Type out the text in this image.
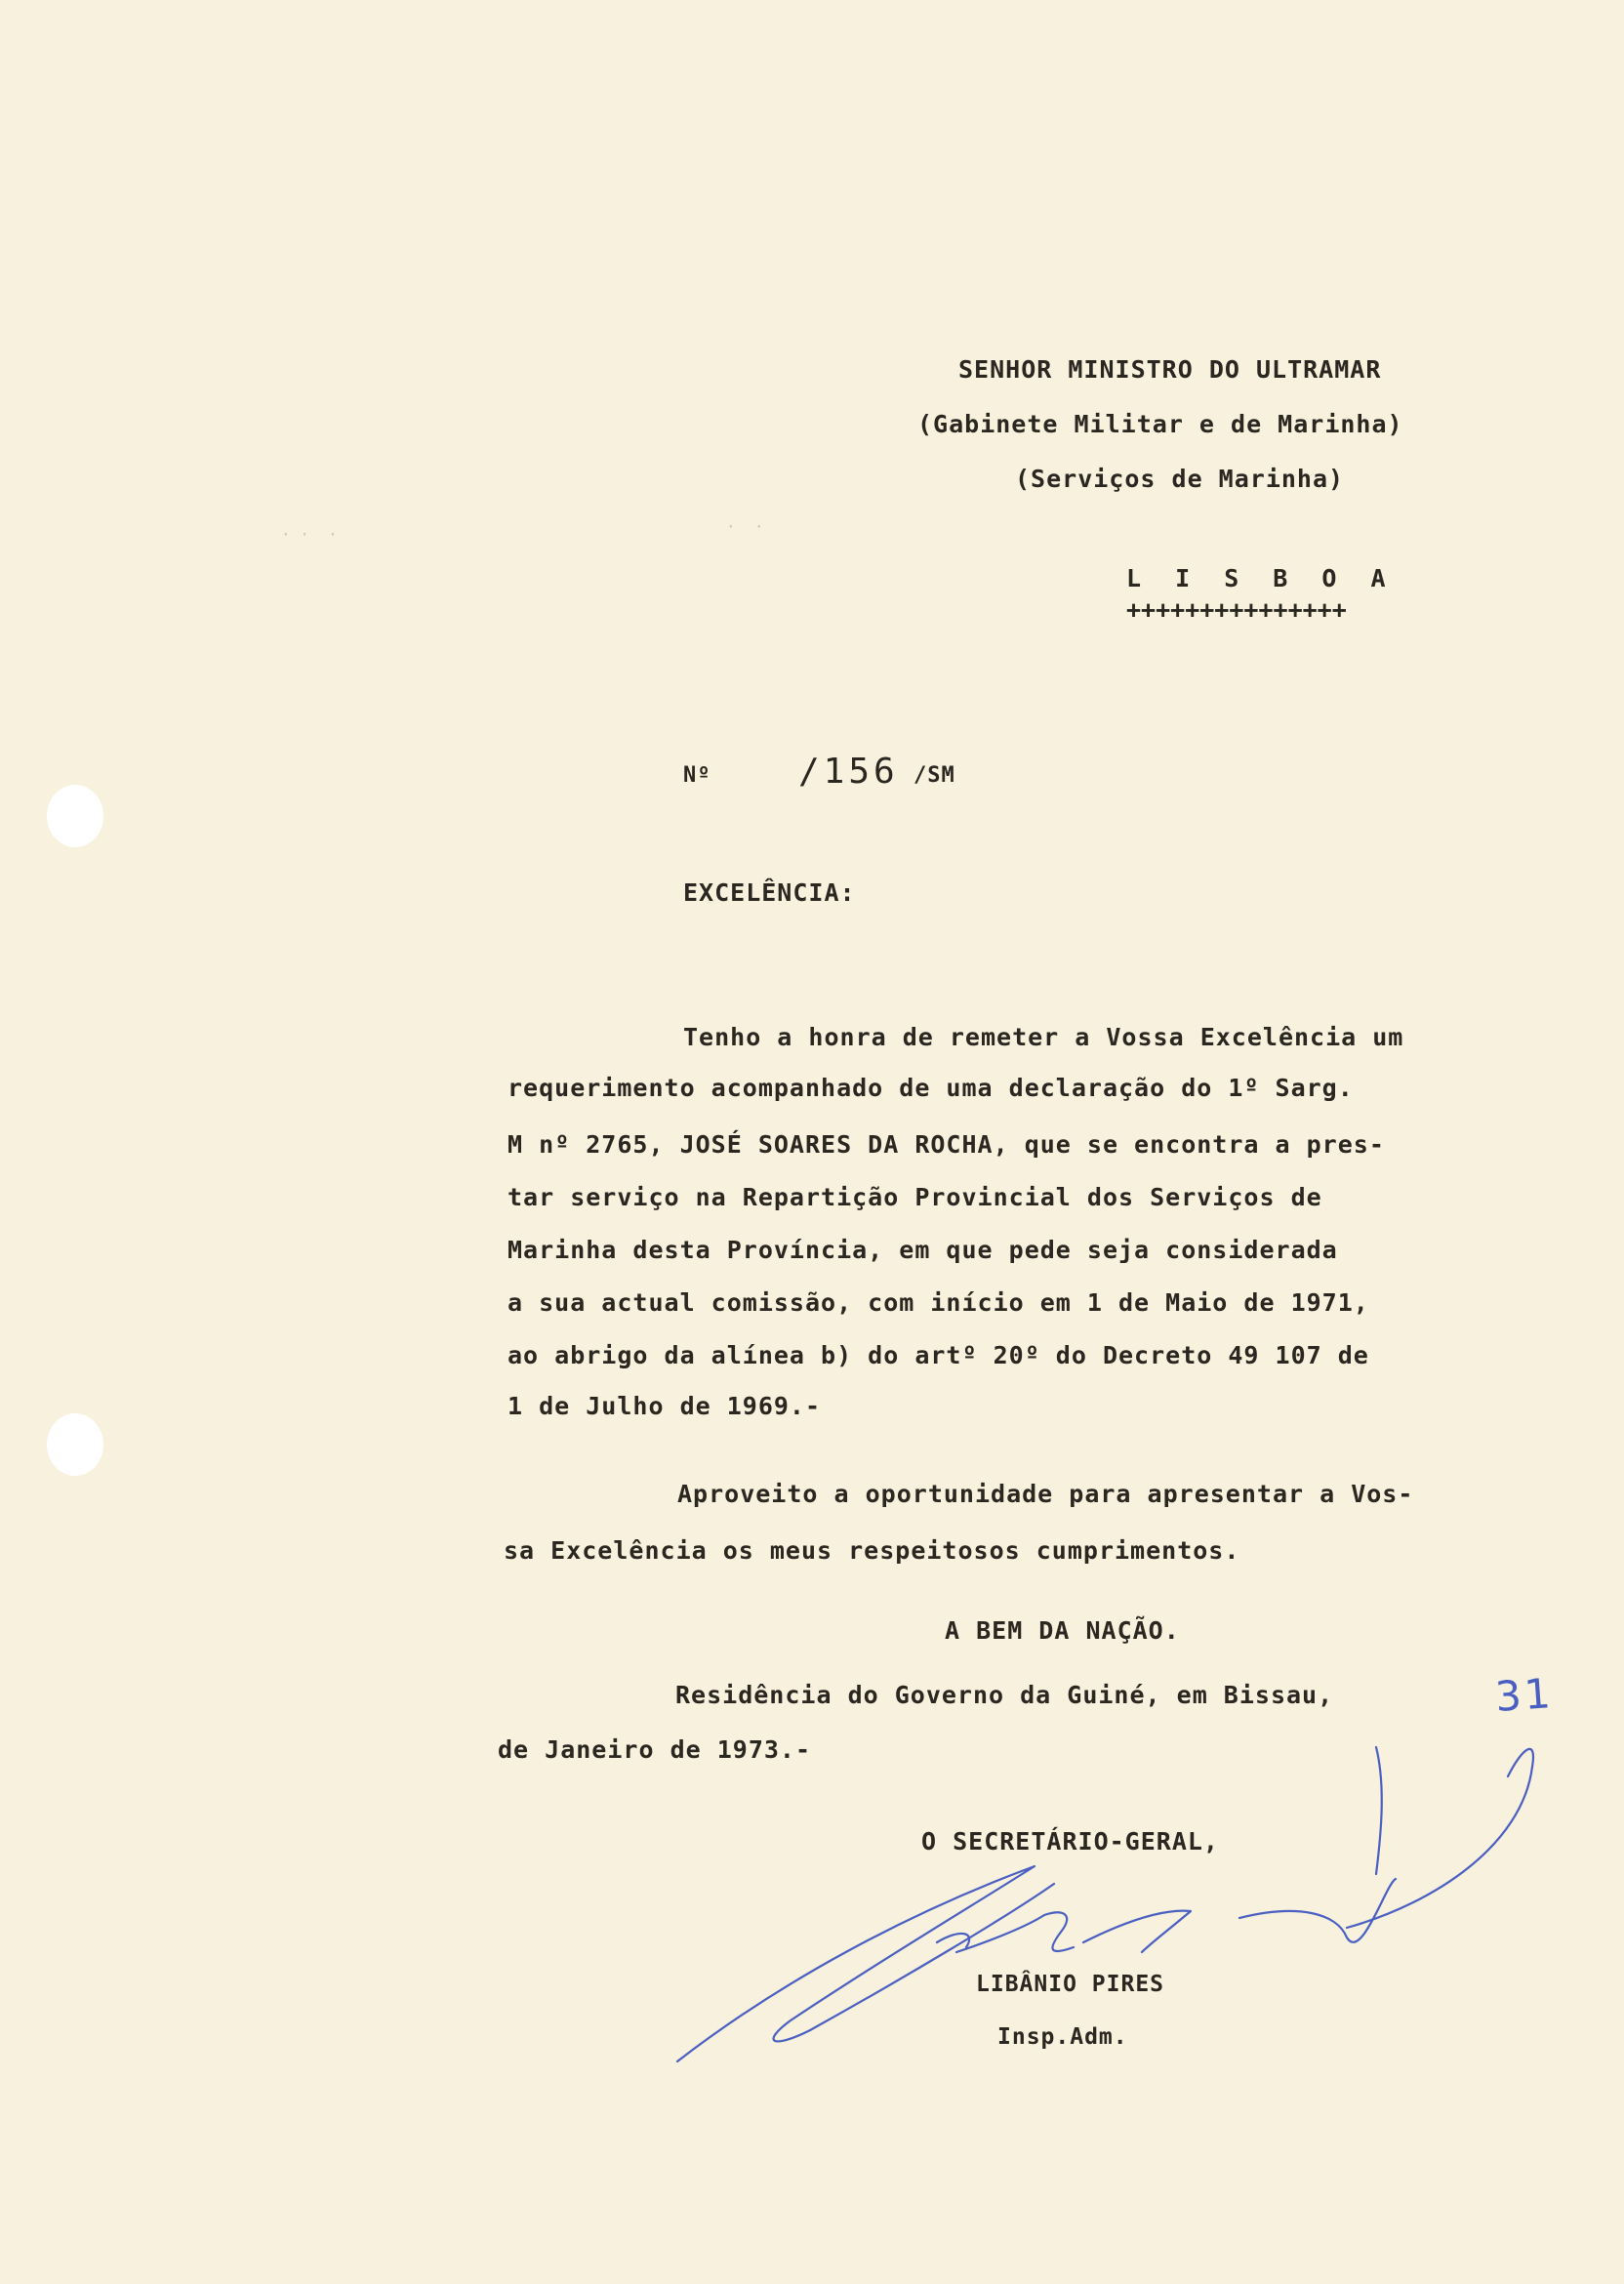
· ·  ·	·  ·
SENHOR MINISTRO DO ULTRAMAR
(Gabinete Militar e de Marinha)
(Serviços de Marinha)
L I S B O A
+++++++++++++++
Nº /156 /SM
EXCELÊNCIA:
Tenho a honra de remeter a Vossa Excelência um
requerimento acompanhado de uma declaração do 1º Sarg.
M nº 2765, JOSÉ SOARES DA ROCHA, que se encontra a pres-
tar serviço na Repartição Provincial dos Serviços de
Marinha desta Província, em que pede seja considerada
a sua actual comissão, com início em 1 de Maio de 1971,
ao abrigo da alínea b) do artº 20º do Decreto 49 107 de
1 de Julho de 1969.-
Aproveito a oportunidade para apresentar a Vos-
sa Excelência os meus respeitosos cumprimentos.
A BEM DA NAÇÃO.
Residência do Governo da Guiné, em Bissau,	31
de Janeiro de 1973.-
O SECRETÁRIO-GERAL,
LIBÂNIO PIRES
Insp.Adm.
